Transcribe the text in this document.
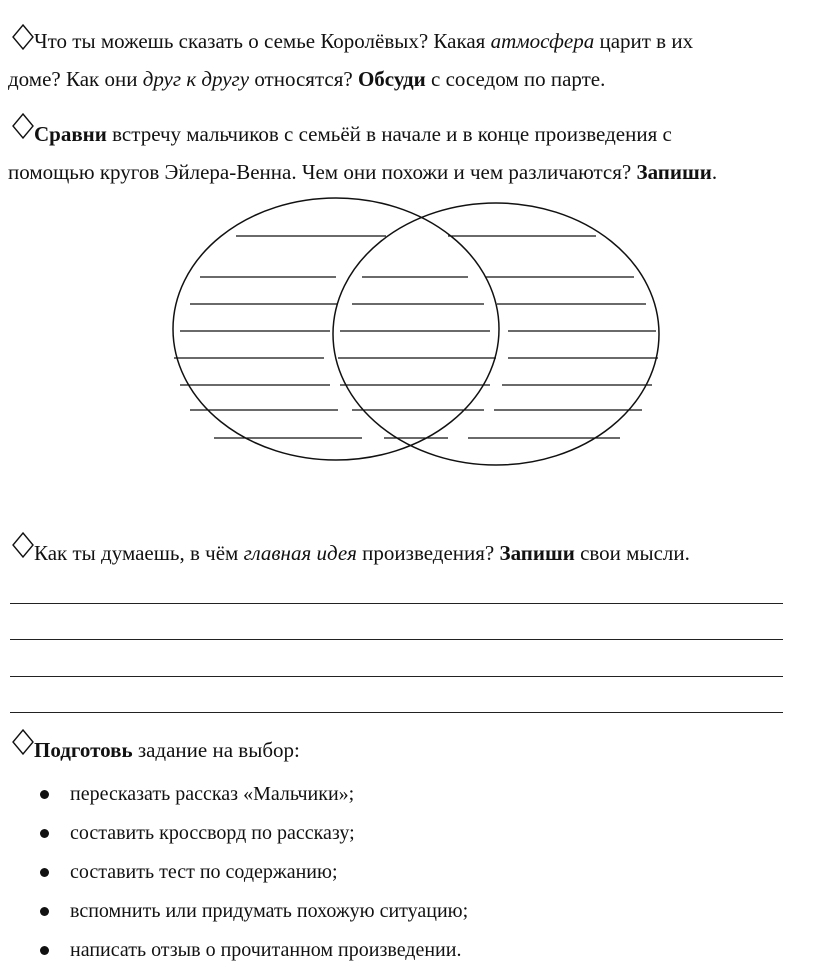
Что ты можешь сказать о семье Королёвых? Какая атмосфера царит в их

доме? Как они друг к другу относятся? Обсуди с соседом по парте.

Сравни встречу мальчиков с семьёй в начале и в конце произведения с

помощью кругов Эйлера-Венна. Чем они похожи и чем различаются? Запиши.

Как ты думаешь, в чём главная идея произведения? Запиши свои мысли.

Подготовь задание на выбор:

пересказать рассказ «Мальчики»;
составить кроссворд по рассказу;
составить тест по содержанию;
вспомнить или придумать похожую ситуацию;
написать отзыв о прочитанном произведении.
